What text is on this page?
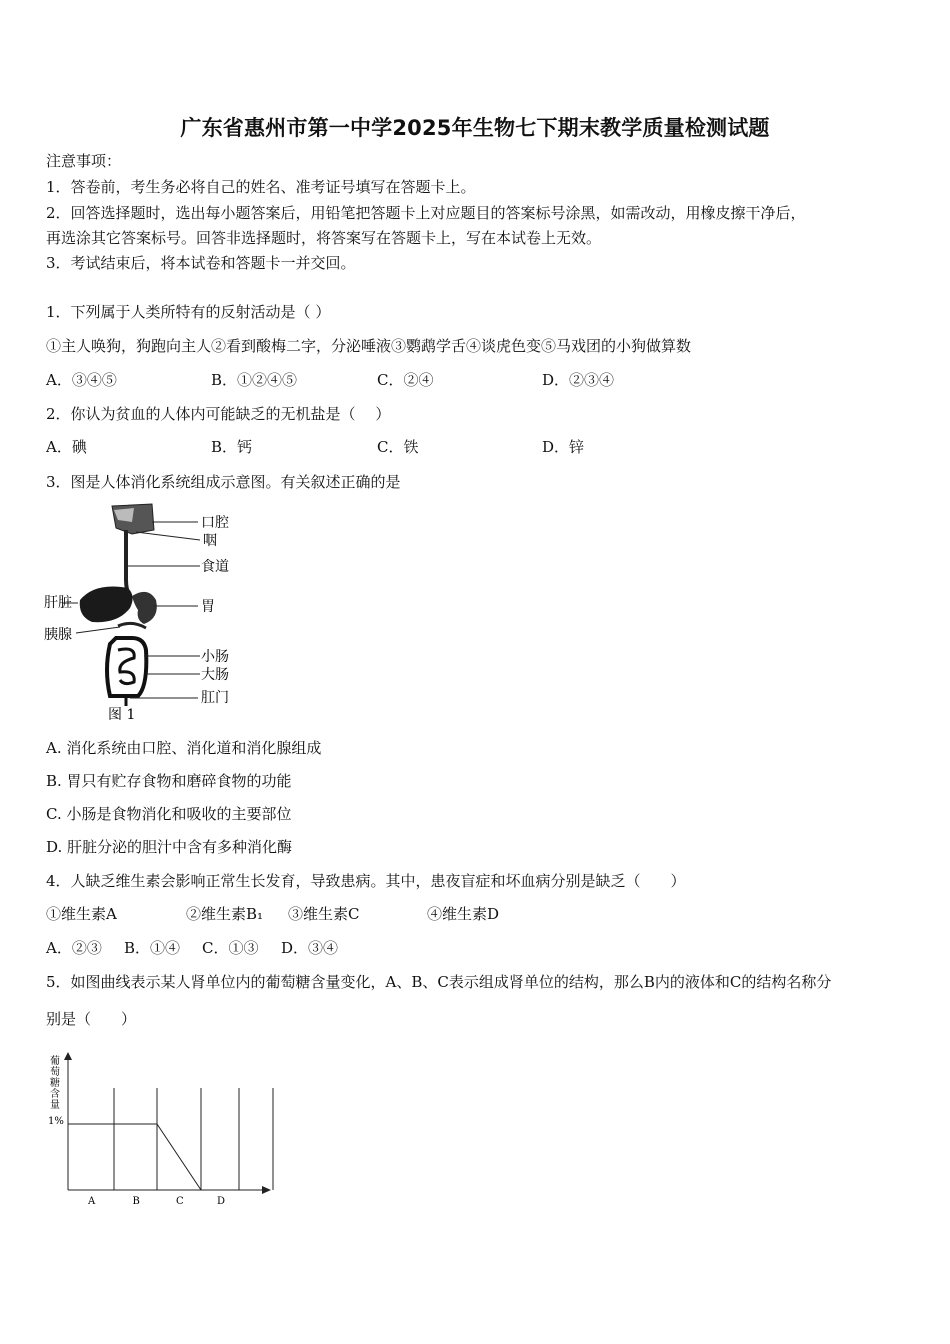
广东省惠州市第一中学2025年生物七下期末教学质量检测试题
注意事项：
1．答卷前，考生务必将自己的姓名、准考证号填写在答题卡上。
2．回答选择题时，选出每小题答案后，用铅笔把答题卡上对应题目的答案标号涂黑，如需改动，用橡皮擦干净后，
再选涂其它答案标号。回答非选择题时，将答案写在答题卡上，写在本试卷上无效。
3．考试结束后，将本试卷和答题卡一并交回。
1．下列属于人类所特有的反射活动是（ ）
①主人唤狗，狗跑向主人②看到酸梅二字，分泌唾液③鹦鹉学舌④谈虎色变⑤马戏团的小狗做算数
A．③④⑤	B．①②④⑤	C．②④	D．②③④
2．你认为贫血的人体内可能缺乏的无机盐是（　 ）
A．碘	B．钙	C．铁	D．锌
3．图是人体消化系统组成示意图。有关叙述正确的是
口腔
咽
食道
胃
小肠
大肠
肛门
肝脏
胰腺
图 1
A. 消化系统由口腔、消化道和消化腺组成
B. 胃只有贮存食物和磨碎食物的功能
C. 小肠是食物消化和吸收的主要部位
D. 肝脏分泌的胆汁中含有多种消化酶
4．人缺乏维生素会影响正常生长发育，导致患病。其中，患夜盲症和坏血病分别是缺乏（　　）
①维生素A	②维生素B₁ ③维生素C	④维生素D
A．②③ B．①④ C．①③ D．③④
5．如图曲线表示某人肾单位内的葡萄糖含量变化，A、B、C表示组成肾单位的结构，那么B内的液体和C的结构名称分
别是（　　）
葡
萄
糖
含
量
1%
A	B	C	D
